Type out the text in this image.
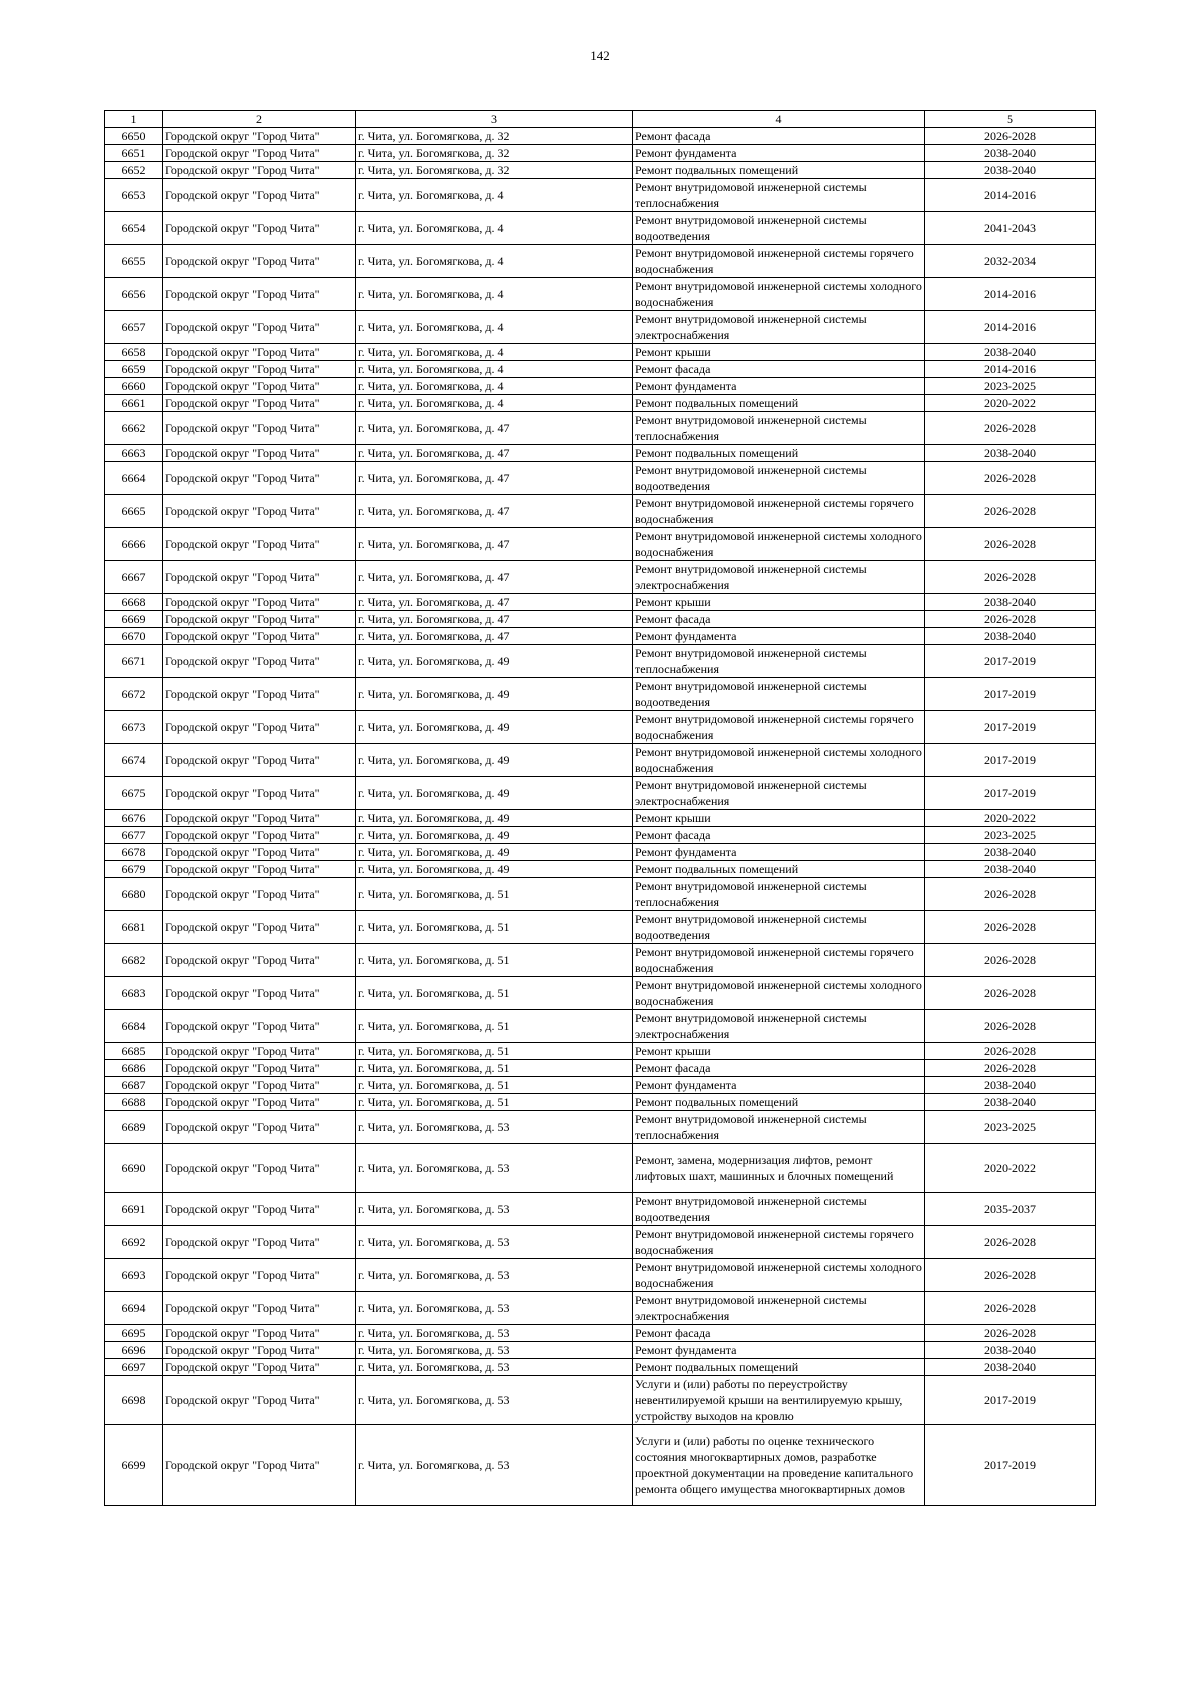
142
1	2	3	4	5
6650	Городской округ "Город Чита"	г. Чита, ул. Богомягкова, д. 32	Ремонт фасада	2026-2028
6651	Городской округ "Город Чита"	г. Чита, ул. Богомягкова, д. 32	Ремонт фундамента	2038-2040
6652	Городской округ "Город Чита"	г. Чита, ул. Богомягкова, д. 32	Ремонт подвальных помещений	2038-2040
6653	Городской округ "Город Чита"	г. Чита, ул. Богомягкова, д. 4	Ремонт внутридомовой инженерной системы теплоснабжения	2014-2016
6654	Городской округ "Город Чита"	г. Чита, ул. Богомягкова, д. 4	Ремонт внутридомовой инженерной системы водоотведения	2041-2043
6655	Городской округ "Город Чита"	г. Чита, ул. Богомягкова, д. 4	Ремонт внутридомовой инженерной системы горячего водоснабжения	2032-2034
6656	Городской округ "Город Чита"	г. Чита, ул. Богомягкова, д. 4	Ремонт внутридомовой инженерной системы холодного водоснабжения	2014-2016
6657	Городской округ "Город Чита"	г. Чита, ул. Богомягкова, д. 4	Ремонт внутридомовой инженерной системы электроснабжения	2014-2016
6658	Городской округ "Город Чита"	г. Чита, ул. Богомягкова, д. 4	Ремонт крыши	2038-2040
6659	Городской округ "Город Чита"	г. Чита, ул. Богомягкова, д. 4	Ремонт фасада	2014-2016
6660	Городской округ "Город Чита"	г. Чита, ул. Богомягкова, д. 4	Ремонт фундамента	2023-2025
6661	Городской округ "Город Чита"	г. Чита, ул. Богомягкова, д. 4	Ремонт подвальных помещений	2020-2022
6662	Городской округ "Город Чита"	г. Чита, ул. Богомягкова, д. 47	Ремонт внутридомовой инженерной системы теплоснабжения	2026-2028
6663	Городской округ "Город Чита"	г. Чита, ул. Богомягкова, д. 47	Ремонт подвальных помещений	2038-2040
6664	Городской округ "Город Чита"	г. Чита, ул. Богомягкова, д. 47	Ремонт внутридомовой инженерной системы водоотведения	2026-2028
6665	Городской округ "Город Чита"	г. Чита, ул. Богомягкова, д. 47	Ремонт внутридомовой инженерной системы горячего водоснабжения	2026-2028
6666	Городской округ "Город Чита"	г. Чита, ул. Богомягкова, д. 47	Ремонт внутридомовой инженерной системы холодного водоснабжения	2026-2028
6667	Городской округ "Город Чита"	г. Чита, ул. Богомягкова, д. 47	Ремонт внутридомовой инженерной системы электроснабжения	2026-2028
6668	Городской округ "Город Чита"	г. Чита, ул. Богомягкова, д. 47	Ремонт крыши	2038-2040
6669	Городской округ "Город Чита"	г. Чита, ул. Богомягкова, д. 47	Ремонт фасада	2026-2028
6670	Городской округ "Город Чита"	г. Чита, ул. Богомягкова, д. 47	Ремонт фундамента	2038-2040
6671	Городской округ "Город Чита"	г. Чита, ул. Богомягкова, д. 49	Ремонт внутридомовой инженерной системы теплоснабжения	2017-2019
6672	Городской округ "Город Чита"	г. Чита, ул. Богомягкова, д. 49	Ремонт внутридомовой инженерной системы водоотведения	2017-2019
6673	Городской округ "Город Чита"	г. Чита, ул. Богомягкова, д. 49	Ремонт внутридомовой инженерной системы горячего водоснабжения	2017-2019
6674	Городской округ "Город Чита"	г. Чита, ул. Богомягкова, д. 49	Ремонт внутридомовой инженерной системы холодного водоснабжения	2017-2019
6675	Городской округ "Город Чита"	г. Чита, ул. Богомягкова, д. 49	Ремонт внутридомовой инженерной системы электроснабжения	2017-2019
6676	Городской округ "Город Чита"	г. Чита, ул. Богомягкова, д. 49	Ремонт крыши	2020-2022
6677	Городской округ "Город Чита"	г. Чита, ул. Богомягкова, д. 49	Ремонт фасада	2023-2025
6678	Городской округ "Город Чита"	г. Чита, ул. Богомягкова, д. 49	Ремонт фундамента	2038-2040
6679	Городской округ "Город Чита"	г. Чита, ул. Богомягкова, д. 49	Ремонт подвальных помещений	2038-2040
6680	Городской округ "Город Чита"	г. Чита, ул. Богомягкова, д. 51	Ремонт внутридомовой инженерной системы теплоснабжения	2026-2028
6681	Городской округ "Город Чита"	г. Чита, ул. Богомягкова, д. 51	Ремонт внутридомовой инженерной системы водоотведения	2026-2028
6682	Городской округ "Город Чита"	г. Чита, ул. Богомягкова, д. 51	Ремонт внутридомовой инженерной системы горячего водоснабжения	2026-2028
6683	Городской округ "Город Чита"	г. Чита, ул. Богомягкова, д. 51	Ремонт внутридомовой инженерной системы холодного водоснабжения	2026-2028
6684	Городской округ "Город Чита"	г. Чита, ул. Богомягкова, д. 51	Ремонт внутридомовой инженерной системы электроснабжения	2026-2028
6685	Городской округ "Город Чита"	г. Чита, ул. Богомягкова, д. 51	Ремонт крыши	2026-2028
6686	Городской округ "Город Чита"	г. Чита, ул. Богомягкова, д. 51	Ремонт фасада	2026-2028
6687	Городской округ "Город Чита"	г. Чита, ул. Богомягкова, д. 51	Ремонт фундамента	2038-2040
6688	Городской округ "Город Чита"	г. Чита, ул. Богомягкова, д. 51	Ремонт подвальных помещений	2038-2040
6689	Городской округ "Город Чита"	г. Чита, ул. Богомягкова, д. 53	Ремонт внутридомовой инженерной системы теплоснабжения	2023-2025
6690	Городской округ "Город Чита"	г. Чита, ул. Богомягкова, д. 53	Ремонт, замена, модернизация лифтов, ремонт лифтовых шахт, машинных и блочных помещений	2020-2022
6691	Городской округ "Город Чита"	г. Чита, ул. Богомягкова, д. 53	Ремонт внутридомовой инженерной системы водоотведения	2035-2037
6692	Городской округ "Город Чита"	г. Чита, ул. Богомягкова, д. 53	Ремонт внутридомовой инженерной системы горячего водоснабжения	2026-2028
6693	Городской округ "Город Чита"	г. Чита, ул. Богомягкова, д. 53	Ремонт внутридомовой инженерной системы холодного водоснабжения	2026-2028
6694	Городской округ "Город Чита"	г. Чита, ул. Богомягкова, д. 53	Ремонт внутридомовой инженерной системы электроснабжения	2026-2028
6695	Городской округ "Город Чита"	г. Чита, ул. Богомягкова, д. 53	Ремонт фасада	2026-2028
6696	Городской округ "Город Чита"	г. Чита, ул. Богомягкова, д. 53	Ремонт фундамента	2038-2040
6697	Городской округ "Город Чита"	г. Чита, ул. Богомягкова, д. 53	Ремонт подвальных помещений	2038-2040
6698	Городской округ "Город Чита"	г. Чита, ул. Богомягкова, д. 53	Услуги и (или) работы по переустройству невентилируемой крыши на вентилируемую крышу, устройству выходов на кровлю	2017-2019
6699	Городской округ "Город Чита"	г. Чита, ул. Богомягкова, д. 53	Услуги и (или) работы по оценке технического состояния многоквартирных домов, разработке проектной документации на проведение капитального ремонта общего имущества многоквартирных домов	2017-2019
